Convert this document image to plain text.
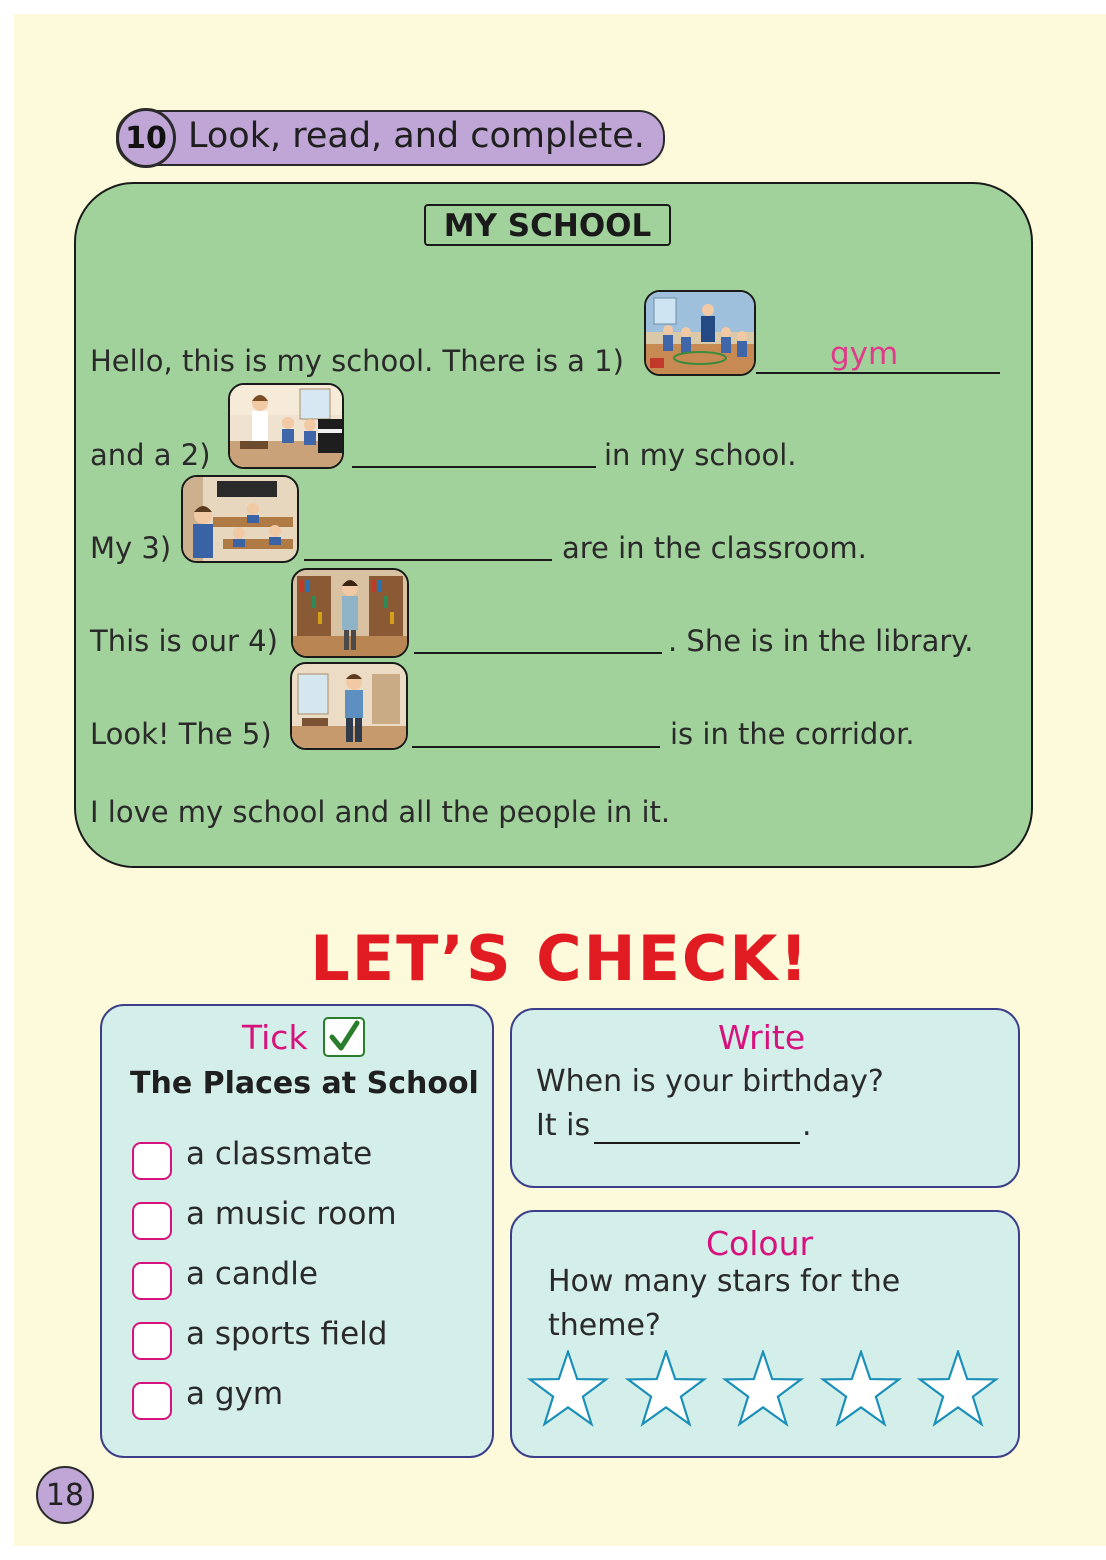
10 Look, read, and complete.
MY SCHOOL
Hello, this is my school. There is a 1)	gym
and a 2)	in my school.
My 3)	are in the classroom.
This is our 4)	. She is in the library.
Look! The 5)	is in the corridor.
I love my school and all the people in it.
LET’S CHECK!
Tick
The Places at School
a classmate
a music room
a candle
a sports field
a gym
Write
When is your birthday?
It is	.
Colour
How many stars for the
theme?
18
